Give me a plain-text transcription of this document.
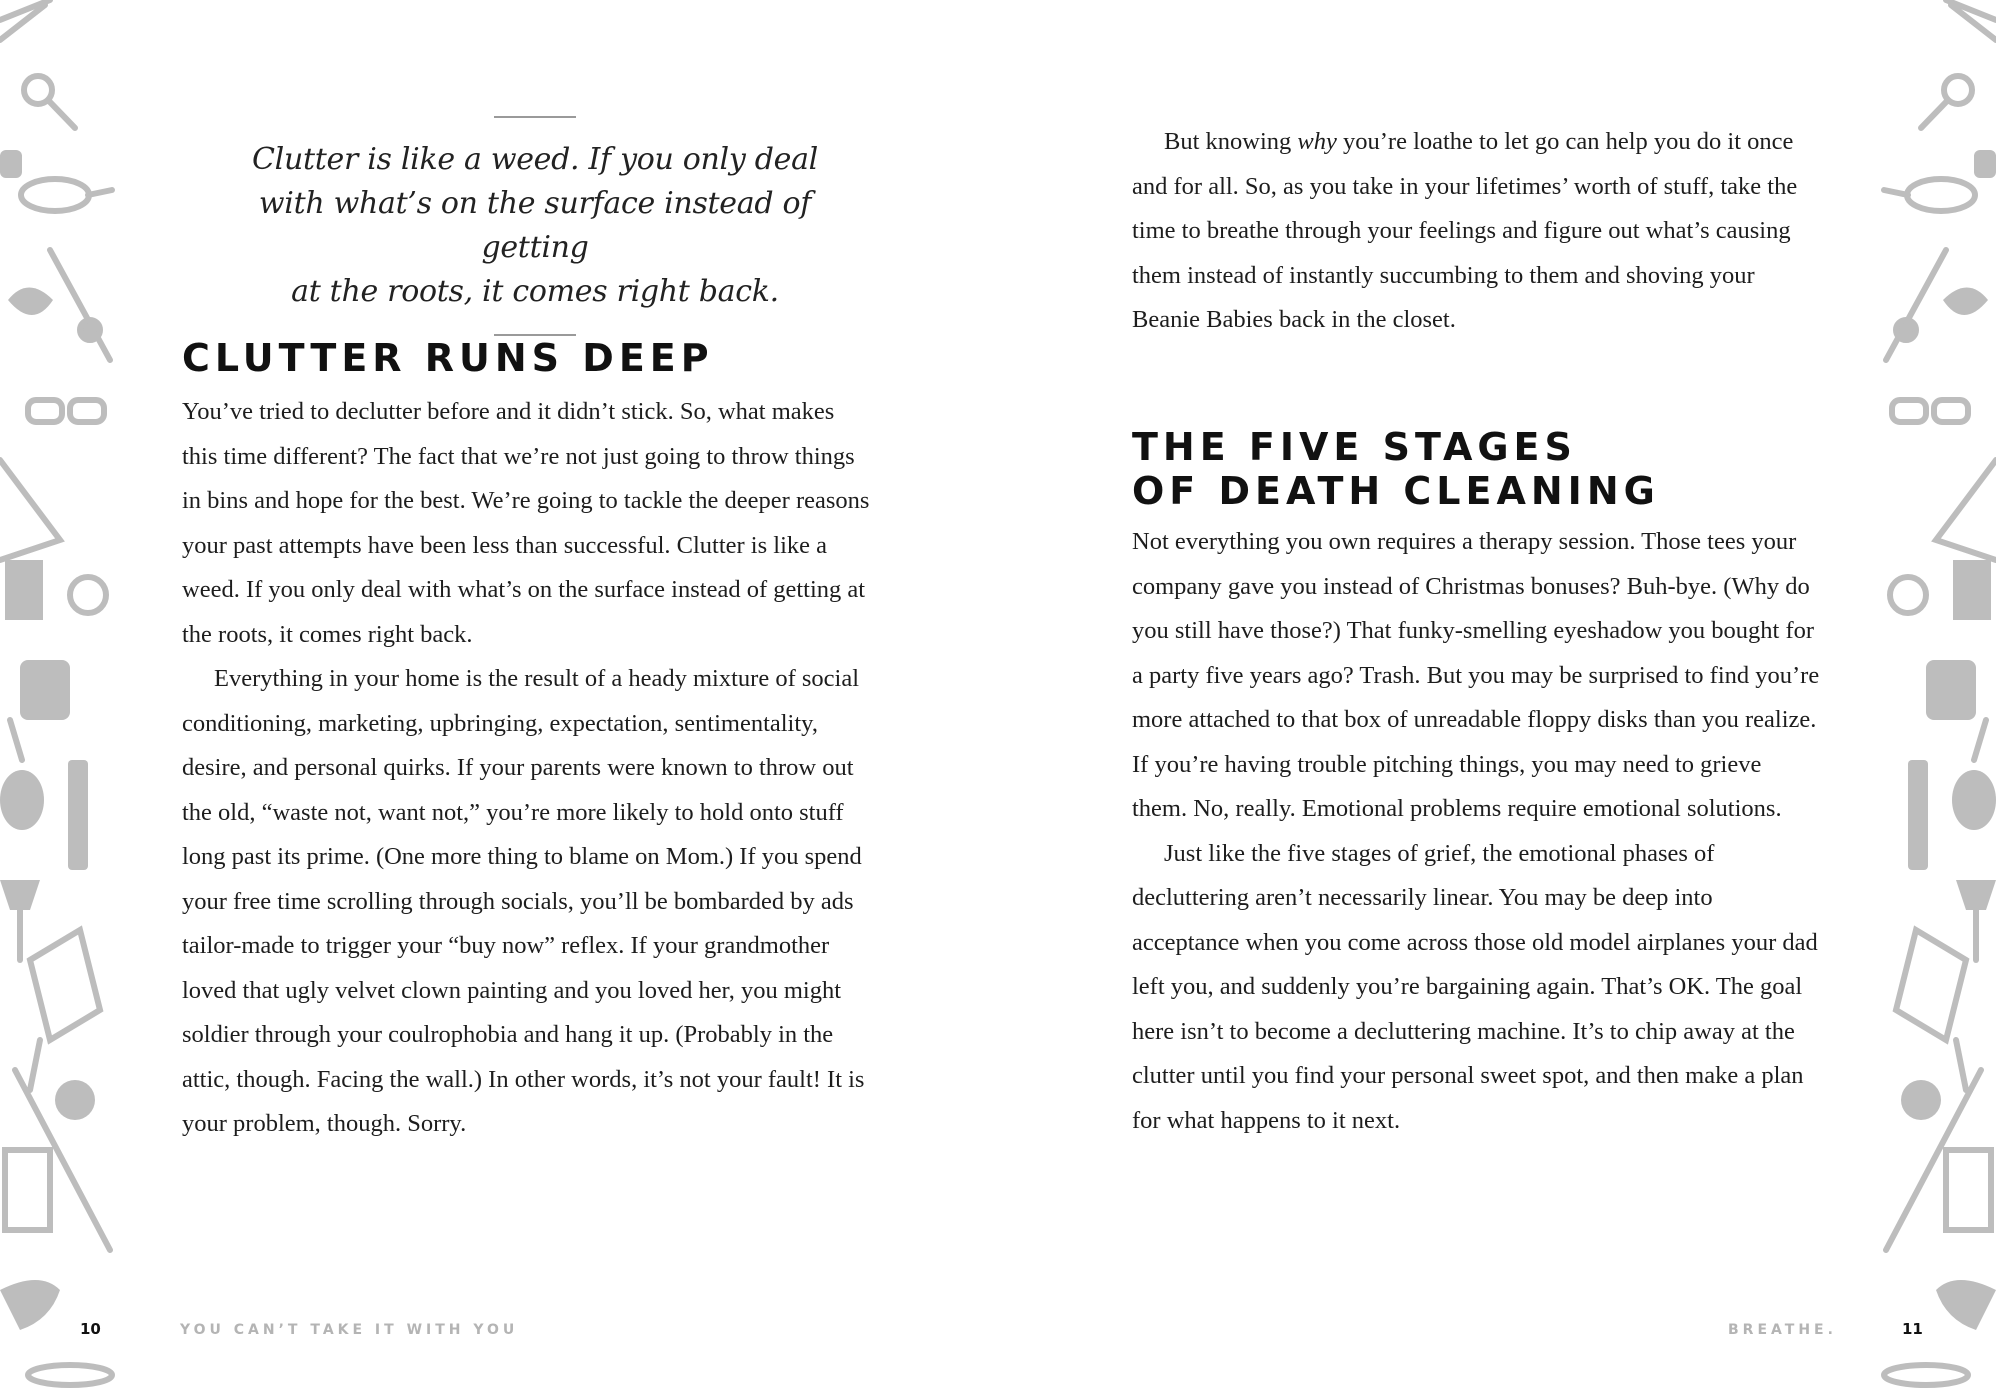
Clutter is like a weed. If you only deal
with what’s on the surface instead of getting
at the roots, it comes right back.
CLUTTER RUNS DEEP

You’ve tried to declutter before and it didn’t stick. So, what makes this time different? The fact that we’re not just going to throw things in bins and hope for the best. We’re going to tackle the deeper reasons your past attempts have been less than successful. Clutter is like a weed. If you only deal with what’s on the surface instead of getting at the roots, it comes right back.

Everything in your home is the result of a heady mixture of social conditioning, marketing, upbringing, expectation, sentimentality, desire, and personal quirks. If your parents were known to throw out the old, “waste not, want not,” you’re more likely to hold onto stuff long past its prime. (One more thing to blame on Mom.) If you spend your free time scrolling through socials, you’ll be bombarded by ads tailor-made to trigger your “buy now” reflex. If your grandmother loved that ugly velvet clown painting and you loved her, you might soldier through your coulrophobia and hang it up. (Probably in the attic, though. Facing the wall.) In other words, it’s not your fault! It is your problem, though. Sorry.

10	YOU CAN’T TAKE IT WITH YOU

But knowing why you’re loathe to let go can help you do it once and for all. So, as you take in your lifetimes’ worth of stuff, take the time to breathe through your feelings and figure out what’s causing them instead of instantly succumbing to them and shoving your Beanie Babies back in the closet.

THE FIVE STAGES
OF DEATH CLEANING

Not everything you own requires a therapy session. Those tees your company gave you instead of Christmas bonuses? Buh-bye. (Why do you still have those?) That funky-smelling eyeshadow you bought for a party five years ago? Trash. But you may be surprised to find you’re more attached to that box of unreadable floppy disks than you realize. If you’re having trouble pitching things, you may need to grieve them. No, really. Emotional problems require emotional solutions.

Just like the five stages of grief, the emotional phases of decluttering aren’t necessarily linear. You may be deep into acceptance when you come across those old model airplanes your dad left you, and suddenly you’re bargaining again. That’s OK. The goal here isn’t to become a decluttering machine. It’s to chip away at the clutter until you find your personal sweet spot, and then make a plan for what happens to it next.

BREATHE.	11
